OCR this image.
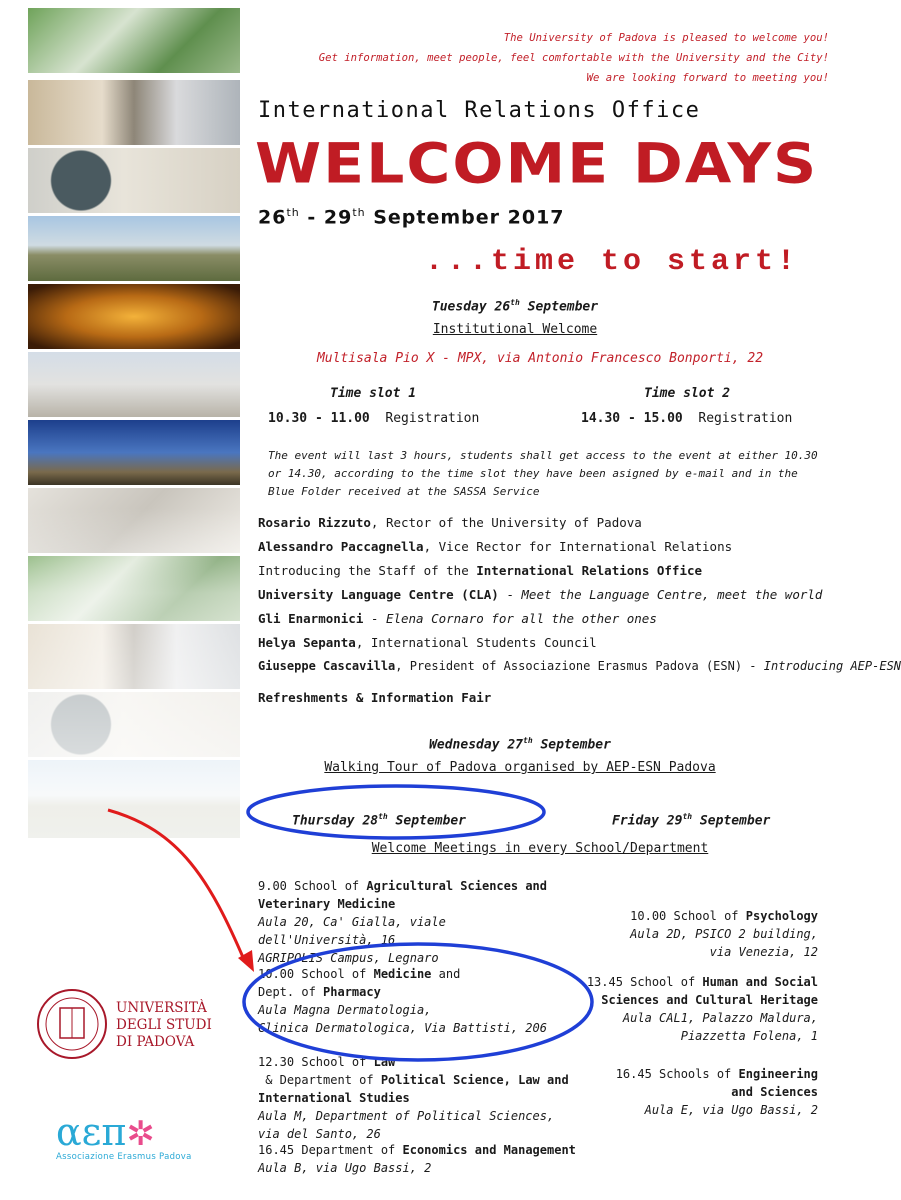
The University of Padova is pleased to welcome you!
Get information, meet people, feel comfortable with the University and the City!
We are looking forward to meeting you!
International Relations Office
WELCOME DAYS
26th - 29th September 2017
...time to start!
Tuesday 26th September
Institutional Welcome
Multisala Pio X - MPX, via Antonio Francesco Bonporti, 22
Time slot 1
10.30 - 11.00 Registration
Time slot 2
14.30 - 15.00 Registration
The event will last 3 hours, students shall get access to the event at either 10.30 or 14.30, according to the time slot they have been asigned by e-mail and in the Blue Folder received at the SASSA Service
Rosario Rizzuto, Rector of the University of Padova
Alessandro Paccagnella, Vice Rector for International Relations
Introducing the Staff of the International Relations Office
University Language Centre (CLA) - Meet the Language Centre, meet the world
Gli Enarmonici - Elena Cornaro for all the other ones
Helya Sepanta, International Students Council
Giuseppe Cascavilla, President of Associazione Erasmus Padova (ESN) - Introducing AEP-ESN
Refreshments & Information Fair
Wednesday 27th September
Walking Tour of Padova organised by AEP-ESN Padova
Thursday 28th September	Friday 29th September
Welcome Meetings in every School/Department
9.00 School of Agricultural Sciences and Veterinary Medicine
Aula 20, Ca' Gialla, viale dell'Università, 16
AGRIPOLIS Campus, Legnaro
10.00 School of Medicine and
Dept. of Pharmacy
Aula Magna Dermatologia,
Clinica Dermatologica, Via Battisti, 206
12.30 School of Law & Department of Political Science, Law and International Studies
Aula M, Department of Political Sciences,
via del Santo, 26
16.45 Department of Economics and Management
Aula B, via Ugo Bassi, 2
10.00 School of Psychology
Aula 2D, PSICO 2 building,
via Venezia, 12
13.45 School of Human and Social
Sciences and Cultural Heritage
Aula CAL1, Palazzo Maldura,
Piazzetta Folena, 1
16.45 Schools of Engineering
and Sciences
Aula E, via Ugo Bassi, 2
UNIVERSITÀ
DEGLI STUDI
DI PADOVA
αεπ✲
Associazione Erasmus Padova
